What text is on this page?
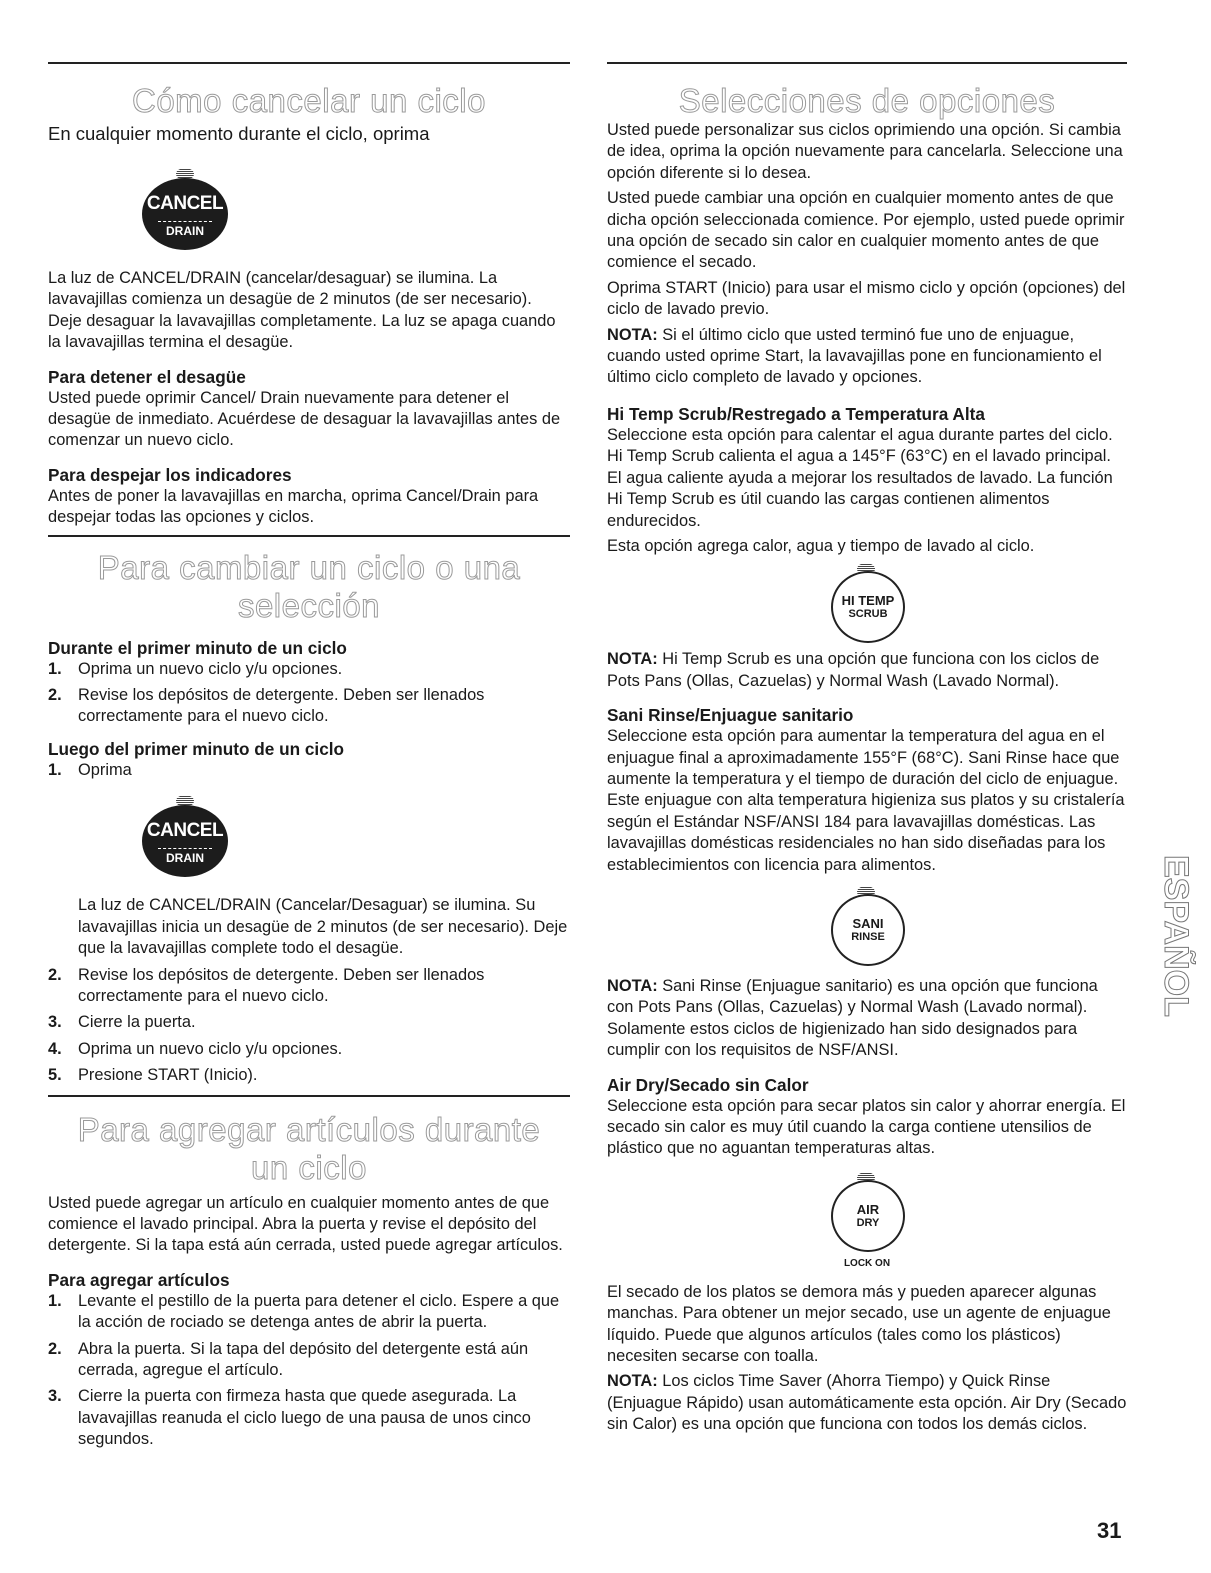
Cómo cancelar un ciclo
En cualquier momento durante el ciclo, oprima
CANCEL
DRAIN

La luz de CANCEL/DRAIN (cancelar/desaguar) se ilumina. La lavavajillas comienza un desagüe de 2 minutos (de ser necesario). Deje desaguar la lavavajillas completamente. La luz se apaga cuando la lavavajillas termina el desagüe.

Para detener el desagüe

Usted puede oprimir Cancel/ Drain nuevamente para detener el desagüe de inmediato. Acuérdese de desaguar la lavavajillas antes de comenzar un nuevo ciclo.

Para despejar los indicadores

Antes de poner la lavavajillas en marcha, oprima Cancel/Drain para despejar todas las opciones y ciclos.

Para cambiar un ciclo o una selección
Durante el primer minuto de un ciclo
1. Oprima un nuevo ciclo y/u opciones.
2. Revise los depósitos de detergente. Deben ser llenados correctamente para el nuevo ciclo.
Luego del primer minuto de un ciclo
1. Oprima
CANCEL
DRAIN
La luz de CANCEL/DRAIN (Cancelar/Desaguar) se ilumina. Su lavavajillas inicia un desagüe de 2 minutos (de ser necesario). Deje que la lavavajillas complete todo el desagüe.
2. Revise los depósitos de detergente. Deben ser llenados correctamente para el nuevo ciclo.
3. Cierre la puerta.
4. Oprima un nuevo ciclo y/u opciones.
5. Presione START (Inicio).
Para agregar artículos durante
un ciclo

Usted puede agregar un artículo en cualquier momento antes de que comience el lavado principal. Abra la puerta y revise el depósito del detergente. Si la tapa está aún cerrada, usted puede agregar artículos.

Para agregar artículos
1. Levante el pestillo de la puerta para detener el ciclo. Espere a que la acción de rociado se detenga antes de abrir la puerta.
2. Abra la puerta. Si la tapa del depósito del detergente está aún cerrada, agregue el artículo.
3. Cierre la puerta con firmeza hasta que quede asegurada. La lavavajillas reanuda el ciclo luego de una pausa de unos cinco segundos.
Selecciones de opciones

Usted puede personalizar sus ciclos oprimiendo una opción. Si cambia de idea, oprima la opción nuevamente para cancelarla. Seleccione una opción diferente si lo desea.

Usted puede cambiar una opción en cualquier momento antes de que dicha opción seleccionada comience. Por ejemplo, usted puede oprimir una opción de secado sin calor en cualquier momento antes de que comience el secado.

Oprima START (Inicio) para usar el mismo ciclo y opción (opciones) del ciclo de lavado previo.

NOTA: Si el último ciclo que usted terminó fue uno de enjuague, cuando usted oprime Start, la lavavajillas pone en funcionamiento el último ciclo completo de lavado y opciones.

Hi Temp Scrub/Restregado a Temperatura Alta

Seleccione esta opción para calentar el agua durante partes del ciclo. Hi Temp Scrub calienta el agua a 145°F (63°C) en el lavado principal. El agua caliente ayuda a mejorar los resultados de lavado. La función Hi Temp Scrub es útil cuando las cargas contienen alimentos endurecidos.

Esta opción agrega calor, agua y tiempo de lavado al ciclo.

HI TEMP
SCRUB

NOTA: Hi Temp Scrub es una opción que funciona con los ciclos de Pots Pans (Ollas, Cazuelas) y Normal Wash (Lavado Normal).

Sani Rinse/Enjuague sanitario

Seleccione esta opción para aumentar la temperatura del agua en el enjuague final a aproximadamente 155°F (68°C). Sani Rinse hace que aumente la temperatura y el tiempo de duración del ciclo de enjuague. Este enjuague con alta temperatura higieniza sus platos y su cristalería según el Estándar NSF/ANSI 184 para lavavajillas domésticas. Las lavavajillas domésticas residenciales no han sido diseñadas para los establecimientos con licencia para alimentos.

SANI
RINSE

NOTA: Sani Rinse (Enjuague sanitario) es una opción que funciona con Pots Pans (Ollas, Cazuelas) y Normal Wash (Lavado normal). Solamente estos ciclos de higienizado han sido designados para cumplir con los requisitos de NSF/ANSI.

Air Dry/Secado sin Calor

Seleccione esta opción para secar platos sin calor y ahorrar energía. El secado sin calor es muy útil cuando la carga contiene utensilios de plástico que no aguantan temperaturas altas.

AIR
DRY
LOCK ON

El secado de los platos se demora más y pueden aparecer algunas manchas. Para obtener un mejor secado, use un agente de enjuague líquido. Puede que algunos artículos (tales como los plásticos) necesiten secarse con toalla.

NOTA: Los ciclos Time Saver (Ahorra Tiempo) y Quick Rinse (Enjuague Rápido) usan automáticamente esta opción. Air Dry (Secado sin Calor) es una opción que funciona con todos los demás ciclos.

ESPAÑOL
31
